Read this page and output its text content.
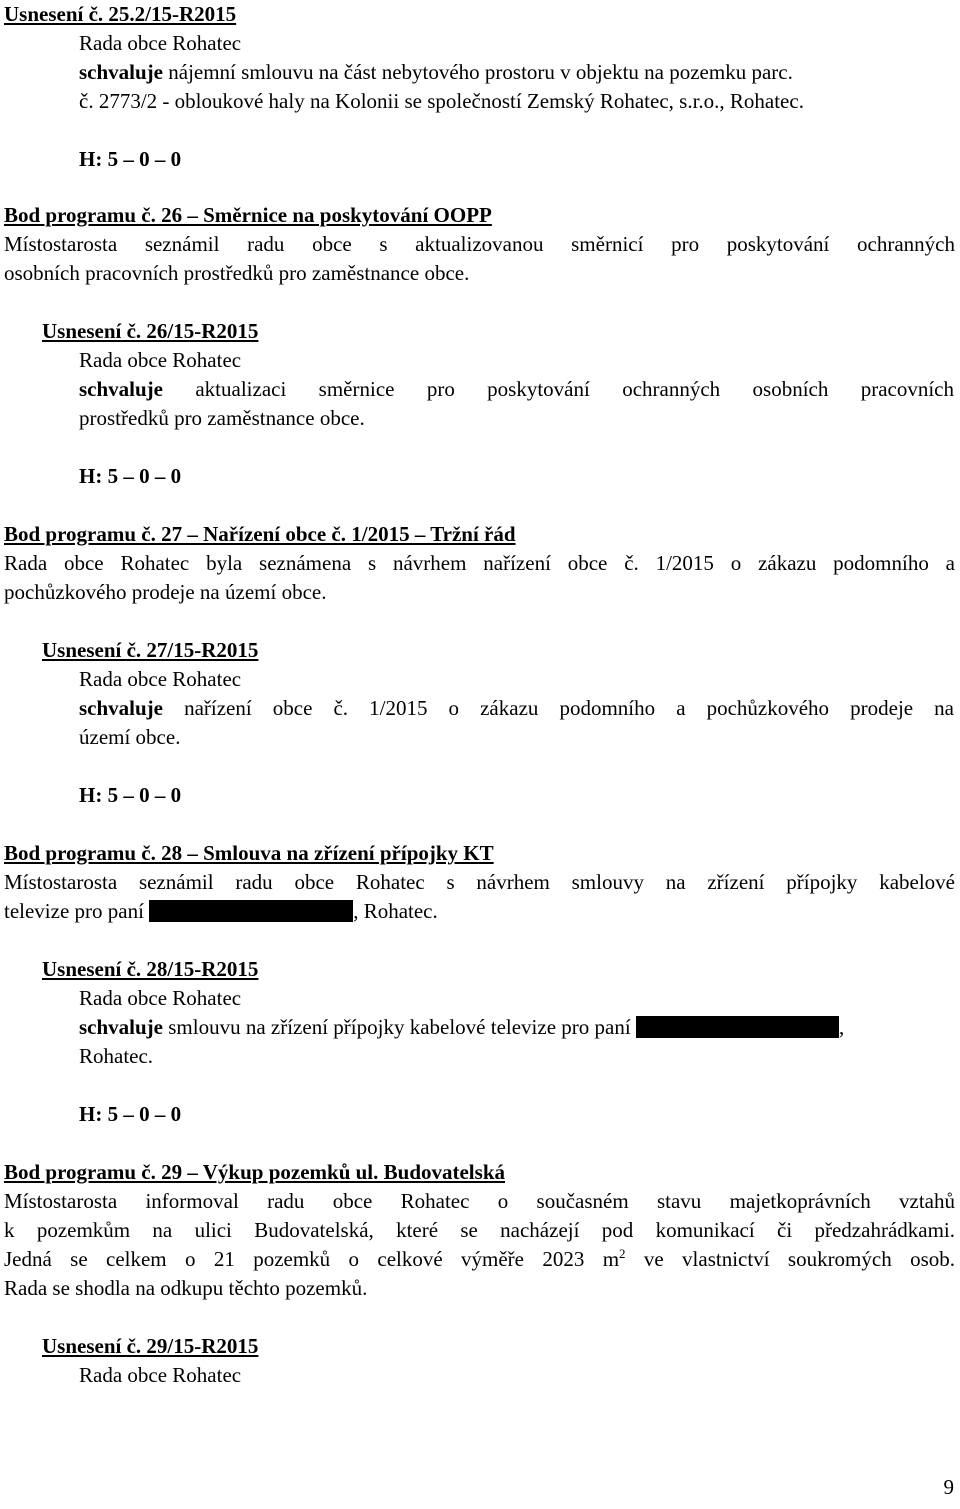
Usnesení č. 25.2/15-R2015
Rada obce Rohatec
schvaluje nájemní smlouvu na část nebytového prostoru v objektu na pozemku parc.
č. 2773/2 - obloukové haly na Kolonii se společností Zemský Rohatec, s.r.o., Rohatec.
H: 5 – 0 – 0
Bod programu č. 26 – Směrnice na poskytování OOPP
Místostarosta seznámil radu obce s aktualizovanou směrnicí pro poskytování ochranných
osobních pracovních prostředků pro zaměstnance obce.
Usnesení č. 26/15-R2015
Rada obce Rohatec
schvaluje aktualizaci směrnice pro poskytování ochranných osobních pracovních
prostředků pro zaměstnance obce.
H: 5 – 0 – 0
Bod programu č. 27 – Nařízení obce č. 1/2015 – Tržní řád
Rada obce Rohatec byla seznámena s návrhem nařízení obce č. 1/2015 o zákazu podomního a
pochůzkového prodeje na území obce.
Usnesení č. 27/15-R2015
Rada obce Rohatec
schvaluje nařízení obce č. 1/2015 o zákazu podomního a pochůzkového prodeje na
území obce.
H: 5 – 0 – 0
Bod programu č. 28 – Smlouva na zřízení přípojky KT
Místostarosta seznámil radu obce Rohatec s návrhem smlouvy na zřízení přípojky kabelové
televize pro paní	, Rohatec.
Usnesení č. 28/15-R2015
Rada obce Rohatec
schvaluje smlouvu na zřízení přípojky kabelové televize pro paní	,
Rohatec.
H: 5 – 0 – 0
Bod programu č. 29 – Výkup pozemků ul. Budovatelská
Místostarosta informoval radu obce Rohatec o současném stavu majetkoprávních vztahů
k pozemkům na ulici Budovatelská, které se nacházejí pod komunikací či předzahrádkami.
Jedná se celkem o 21 pozemků o celkové výměře 2023 $m^2$ ve vlastnictví soukromých osob.
Rada se shodla na odkupu těchto pozemků.
Usnesení č. 29/15-R2015
Rada obce Rohatec
9
